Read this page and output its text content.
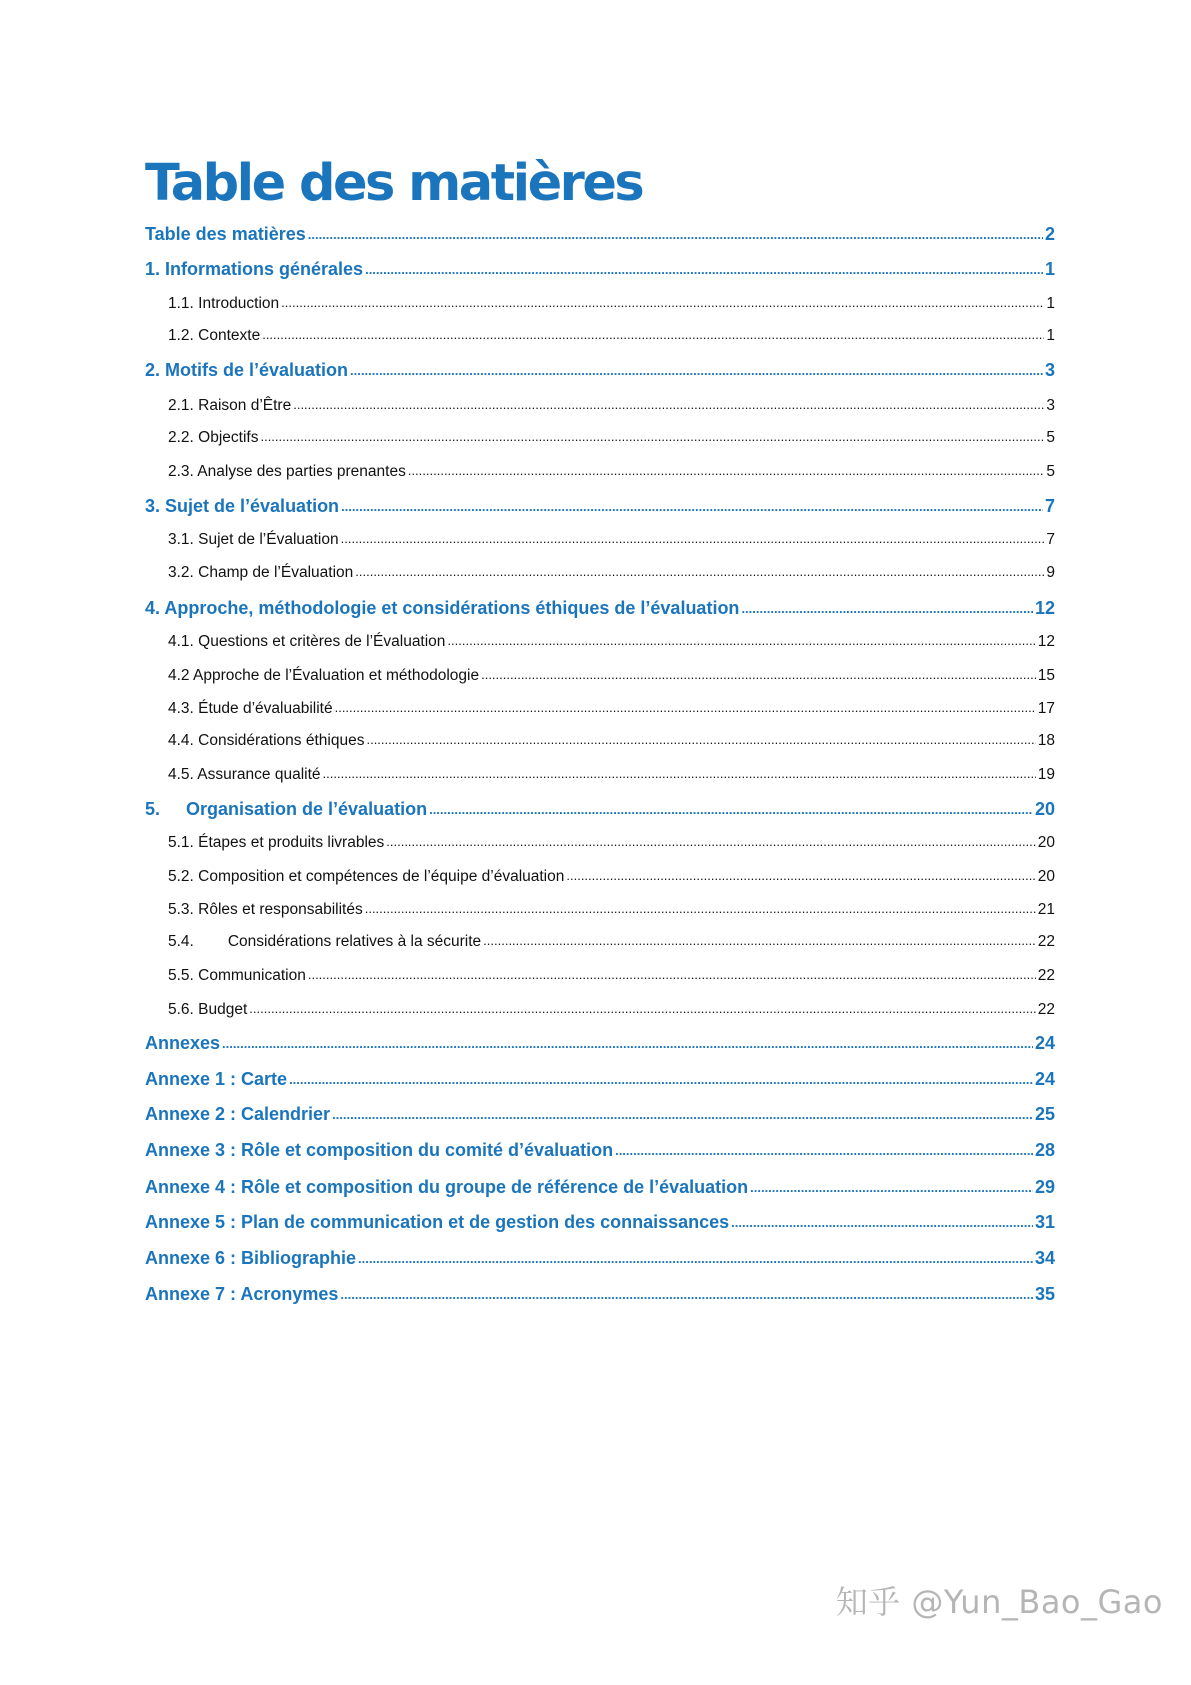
Table des matières
Table des matières .....	2
1. Informations générales .....	1
1.1. Introduction .....	1
1.2. Contexte .....	1
2. Motifs de l’évaluation .....	3
2.1. Raison d’Être .....	3
2.2. Objectifs .....	5
2.3. Analyse des parties prenantes .....	5
3. Sujet de l’évaluation .....	7
3.1. Sujet de l’Évaluation .....	7
3.2. Champ de l’Évaluation .....	9
4. Approche, méthodologie et considérations éthiques de l’évaluation .....	12
4.1. Questions et critères de l’Évaluation .....	12
4.2 Approche de l’Évaluation et méthodologie .....	15
4.3. Étude d’évaluabilité .....	17
4.4. Considérations éthiques .....	18
4.5. Assurance qualité .....	19
5. Organisation de l’évaluation .....	20
5.1. Étapes et produits livrables .....	20
5.2. Composition et compétences de l’équipe d’évaluation .....	20
5.3. Rôles et responsabilités .....	21
5.4. Considérations relatives à la sécurite .....	22
5.5. Communication .....	22
5.6. Budget .....	22
Annexes .....	24
Annexe 1 : Carte .....	24
Annexe 2 : Calendrier .....	25
Annexe 3 : Rôle et composition du comité d’évaluation .....	28
Annexe 4 : Rôle et composition du groupe de référence de l’évaluation .....	29
Annexe 5 : Plan de communication et de gestion des connaissances .....	31
Annexe 6 : Bibliographie .....	34
Annexe 7 : Acronymes .....	35
知乎 @Yun_Bao_Gao
